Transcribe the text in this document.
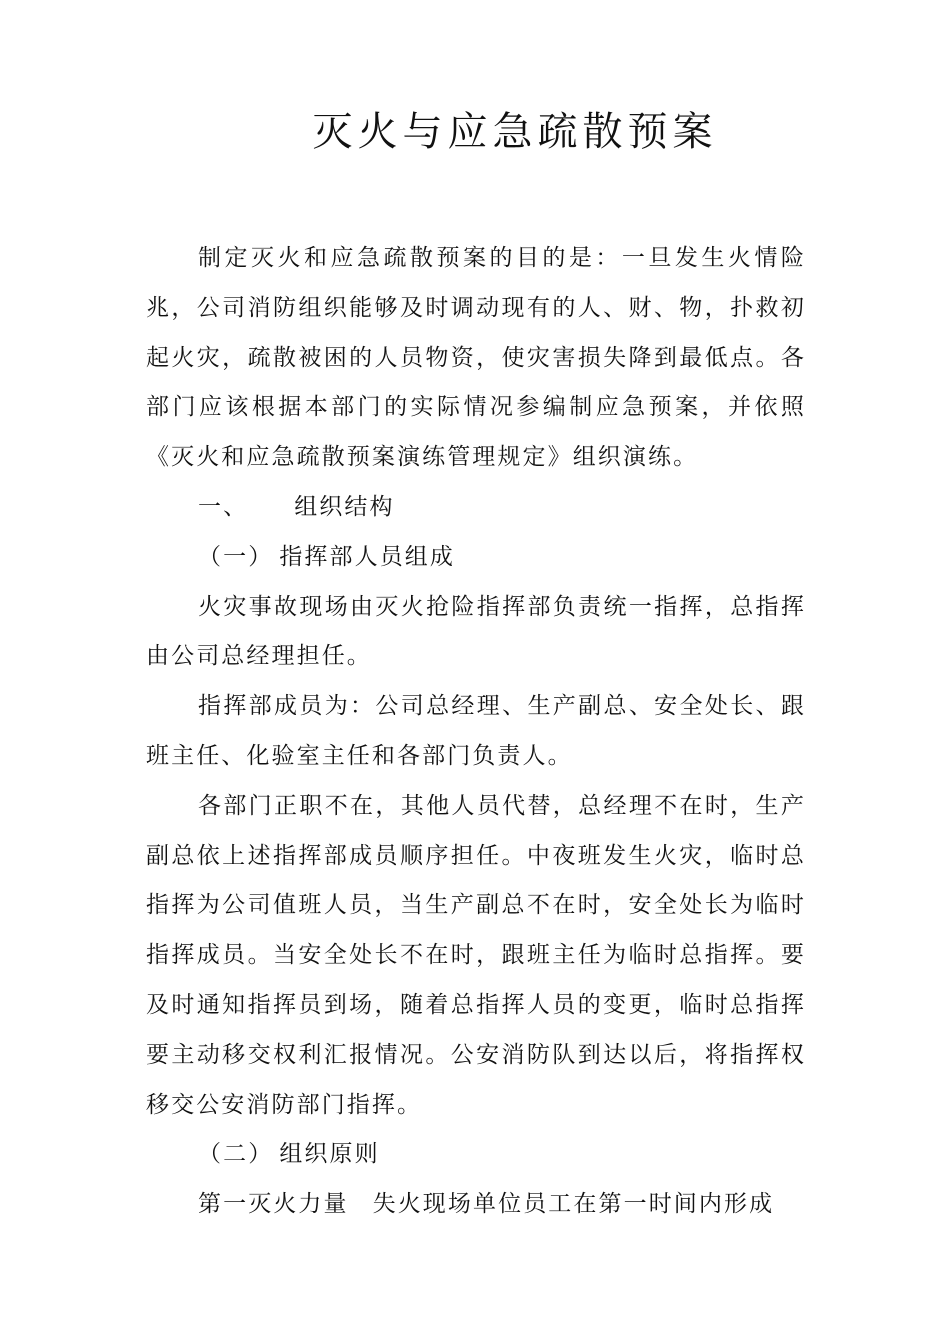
灭火与应急疏散预案

制定灭火和应急疏散预案的目的是：一旦发生火情险兆，公司消防组织能够及时调动现有的人、财、物，扑救初起火灾，疏散被困的人员物资，使灾害损失降到最低点。各部门应该根据本部门的实际情况参编制应急预案，并依照《灭火和应急疏散预案演练管理规定》组织演练。

一、 组织结构

（一） 指挥部人员组成

火灾事故现场由灭火抢险指挥部负责统一指挥，总指挥由公司总经理担任。

指挥部成员为：公司总经理、生产副总、安全处长、跟班主任、化验室主任和各部门负责人。

各部门正职不在，其他人员代替，总经理不在时，生产副总依上述指挥部成员顺序担任。中夜班发生火灾，临时总指挥为公司值班人员，当生产副总不在时，安全处长为临时指挥成员。当安全处长不在时，跟班主任为临时总指挥。要及时通知指挥员到场，随着总指挥人员的变更，临时总指挥要主动移交权利汇报情况。公安消防队到达以后，将指挥权移交公安消防部门指挥。

（二） 组织原则

第一灭火力量 失火现场单位员工在第一时间内形成
